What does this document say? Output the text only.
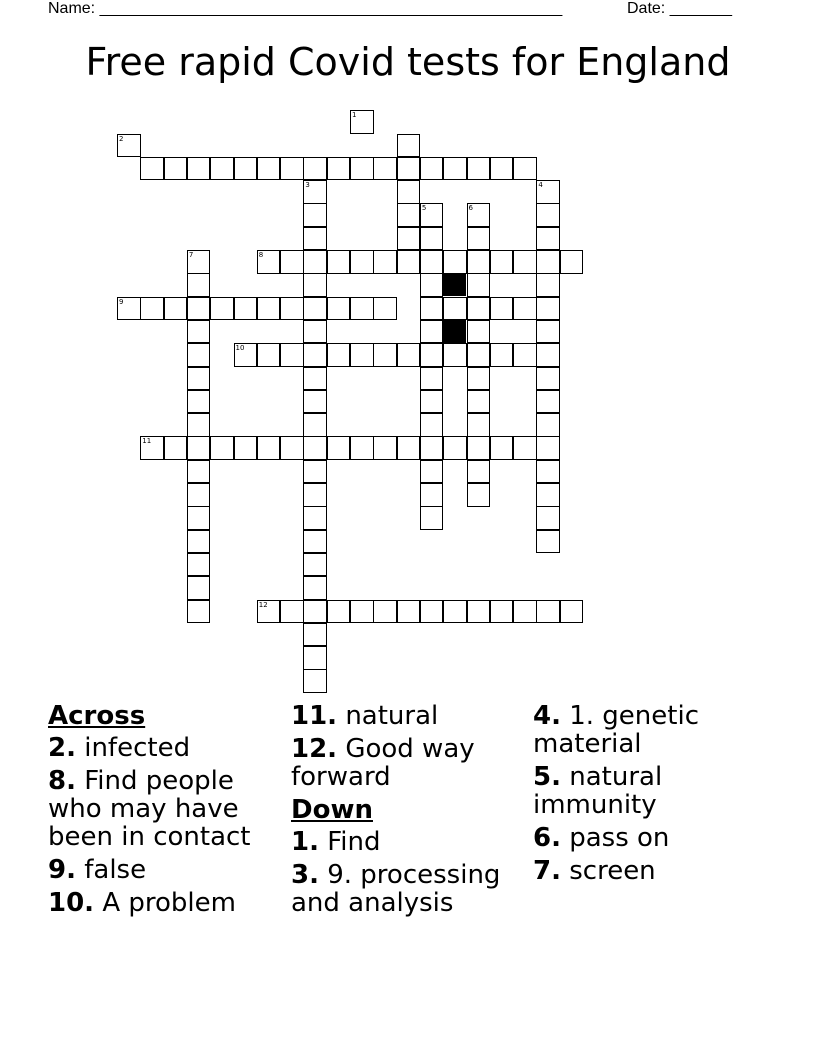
Name: ____________________________________________________	Date: _______
Free rapid Covid tests for England
3	4
5	6
7	8
10
12
1
2
9
11
Across
2. infected
8. Find people who may have been in contact
9. false
10. A problem
11. natural
12. Good way forward
Down
1. Find
3. 9. processing and analysis
4. 1. genetic material
5. natural immunity
6. pass on
7. screen
